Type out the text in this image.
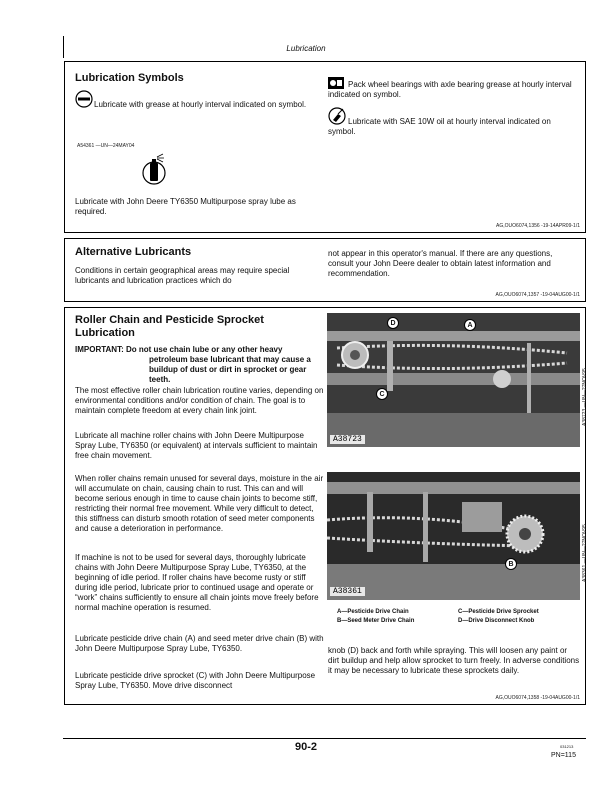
Lubrication
Lubrication Symbols
Lubricate with grease at hourly interval indicated on symbol.
A54361 —UN—24MAY04
Lubricate with John Deere TY6350 Multipurpose spray lube as required.
Pack wheel bearings with axle bearing grease at hourly interval indicated on symbol.
Lubricate with SAE 10W oil at hourly interval indicated on symbol.
AG,OUO6074,1356 -19-14APR09-1/1
Alternative Lubricants
Conditions in certain geographical areas may require special lubricants and lubrication practices which do
not appear in this operator's manual. If there are any questions, consult your John Deere dealer to obtain latest information and recommendation.
AG,OUO6074,1357 -19-04AUG00-1/1
Roller Chain and Pesticide Sprocket
Lubrication
IMPORTANT: Do not use chain lube or any other heavy petroleum base lubricant that may cause a buildup of dust or dirt in sprocket or gear teeth.
The most effective roller chain lubrication routine varies, depending on environmental conditions and/or condition of chain. The goal is to maintain complete freedom at every chain link joint.
Lubricate all machine roller chains with John Deere Multipurpose Spray Lube, TY6350 (or equivalent) at intervals sufficient to maintain free chain movement.
When roller chains remain unused for several days, moisture in the air will accumulate on chain, causing chain to rust. This can and will become serious enough in time to cause chain joints to become stiff, restricting their normal free movement. While very difficult to detect, this stiffness can disturb smooth rotation of seed meter components and cause a deterioration in performance.
If machine is not to be used for several days, thoroughly lubricate chains with John Deere Multipurpose Spray Lube, TY6350, at the beginning of idle period. If roller chains have become rusty or stiff during idle period, lubricate prior to continued usage and operate or “work” chains sufficiently to ensure all chain joints move freely before normal machine operation is resumed.
Lubricate pesticide drive chain (A) and seed meter drive chain (B) with John Deere Multipurpose Spray Lube, TY6350.
Lubricate pesticide drive sprocket (C) with John Deere Multipurpose Spray Lube, TY6350. Move drive disconnect
D	A
C
A38723
A38723 —UN—27NOV95
B
A38361
A38361 —UN—27NOV95
A—Pesticide Drive Chain
B—Seed Meter Drive Chain
C—Pesticide Drive Sprocket
D—Drive Disconnect Knob
knob (D) back and forth while spraying. This will loosen any paint or dirt buildup and help allow sprocket to turn freely. In adverse conditions it may be necessary to lubricate these sprockets daily.
AG,OUO6074,1358 -19-04AUG00-1/1
90-2	031213
PN=115
